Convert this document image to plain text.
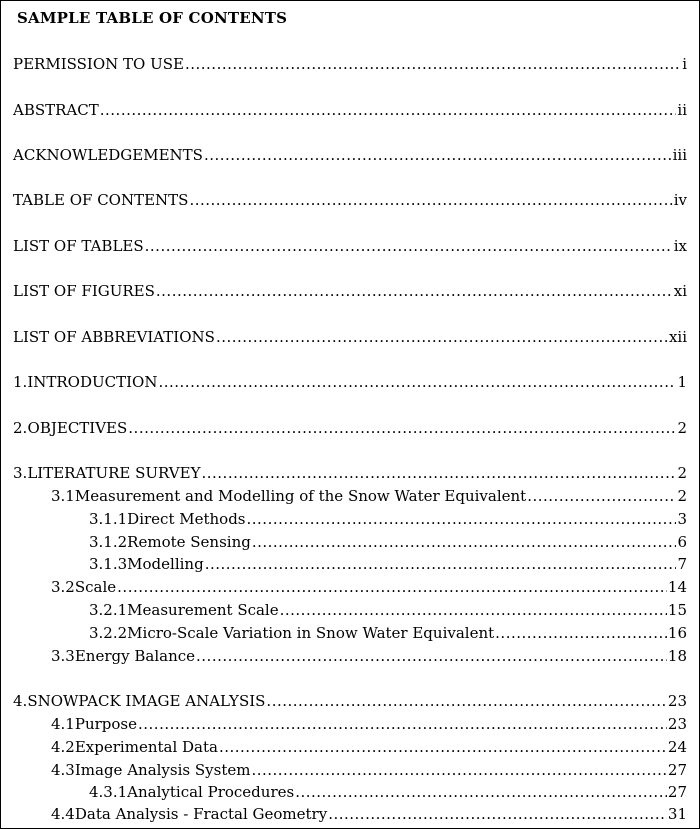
SAMPLE TABLE OF CONTENTS
PERMISSION TO USE .....	i
ABSTRACT .....	ii
ACKNOWLEDGEMENTS .....	iii
TABLE OF CONTENTS .....	iv
LIST OF TABLES .....	ix
LIST OF FIGURES .....	xi
LIST OF ABBREVIATIONS .....	xii
1. INTRODUCTION .....	1
2. OBJECTIVES .....	2
3. LITERATURE SURVEY .....	2
3.1 Measurement and Modelling of the Snow Water Equivalent .....	2
3.1.1 Direct Methods .....	3
3.1.2 Remote Sensing .....	6
3.1.3 Modelling .....	7
3.2 Scale .....	14
3.2.1 Measurement Scale .....	15
3.2.2 Micro-Scale Variation in Snow Water Equivalent .....	16
3.3 Energy Balance .....	18
4. SNOWPACK IMAGE ANALYSIS .....	23
4.1 Purpose .....	23
4.2 Experimental Data .....	24
4.3 Image Analysis System .....	27
4.3.1 Analytical Procedures .....	27
4.4 Data Analysis - Fractal Geometry .....	31
